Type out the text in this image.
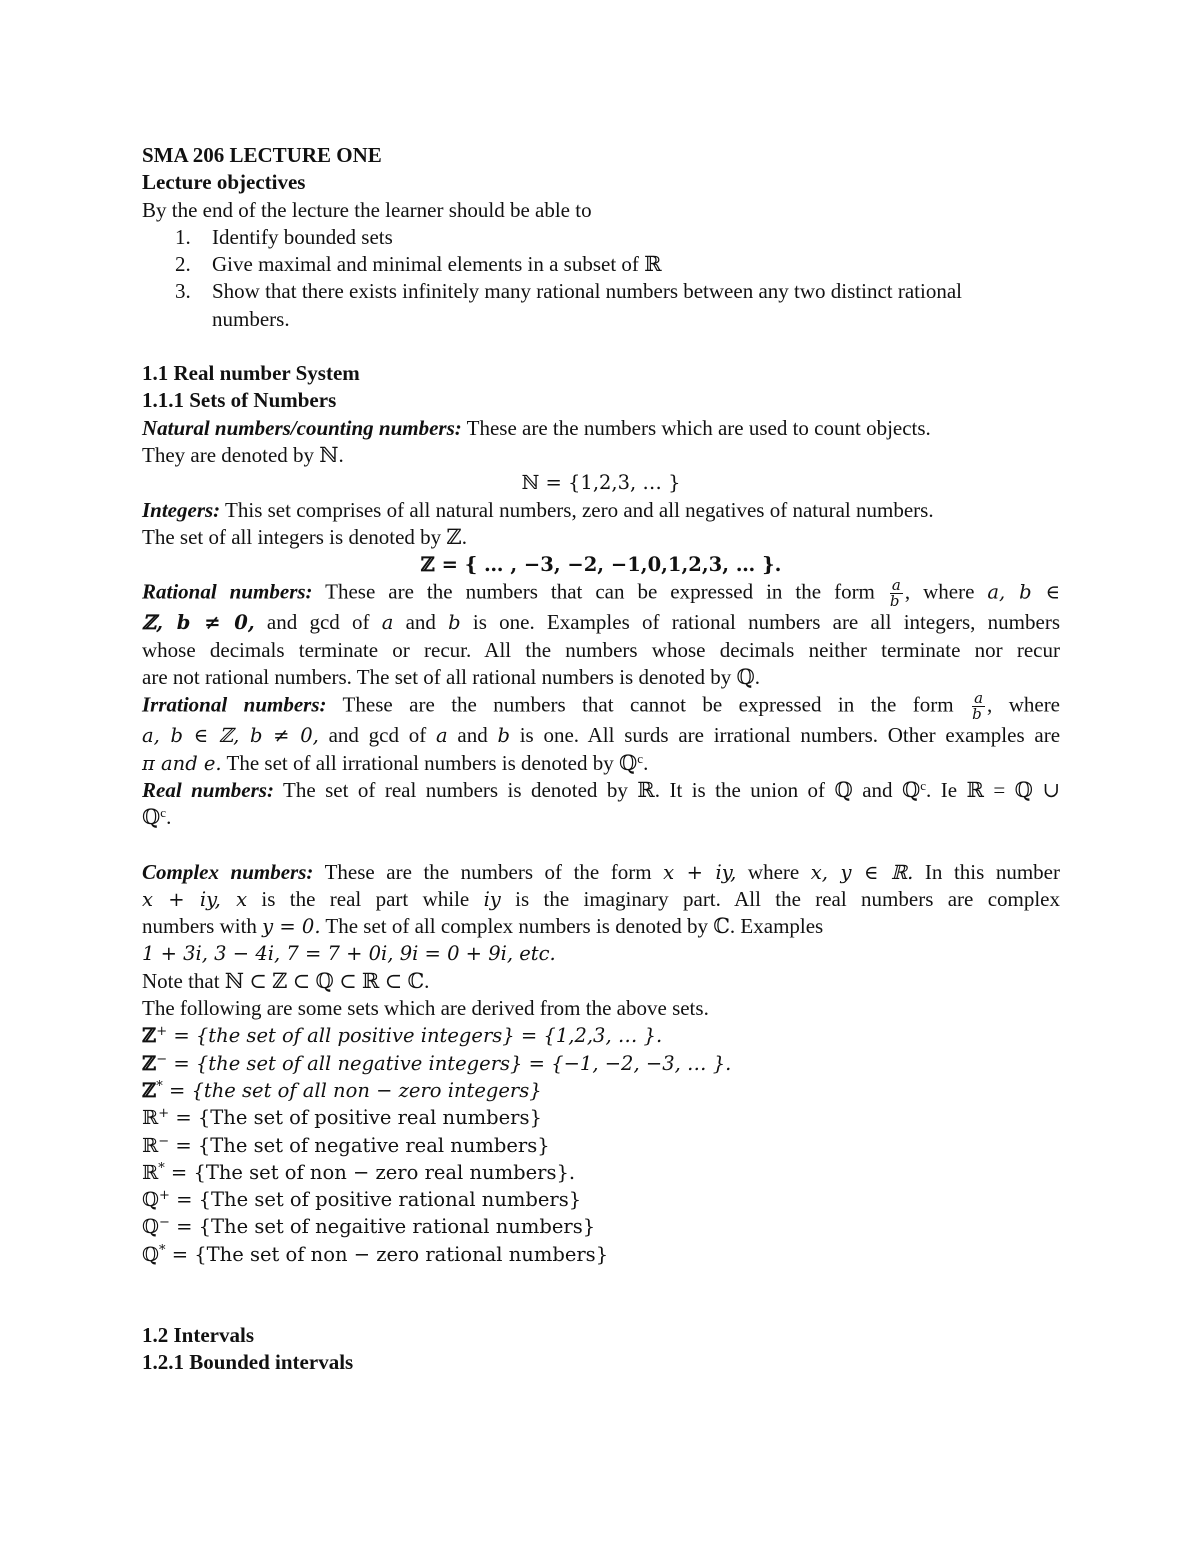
SMA 206 LECTURE ONE

Lecture objectives

By the end of the lecture the learner should be able to

1. Identify bounded sets
2. Give maximal and minimal elements in a subset of ℝ
3. Show that there exists infinitely many rational numbers between any two distinct rational
numbers.

1.1 Real number System

1.1.1 Sets of Numbers

Natural numbers/counting numbers: These are the numbers which are used to count objects.

They are denoted by ℕ.

ℕ = {1,2,3, … }

Integers: This set comprises of all natural numbers, zero and all negatives of natural numbers.

The set of all integers is denoted by ℤ.

ℤ = { … , −3, −2, −1,0,1,2,3, … }.

Rational numbers: These are the numbers that can be expressed in the form $\frac{a}{b}$ , where a, b ∈

ℤ, b ≠ 0, and gcd of a and b is one. Examples of rational numbers are all integers, numbers

whose decimals terminate or recur. All the numbers whose decimals neither terminate nor recur

are not rational numbers. The set of all rational numbers is denoted by ℚ.

Irrational numbers: These are the numbers that cannot be expressed in the form $\frac{a}{b}$ , where

a, b ∈ ℤ, b ≠ 0, and gcd of a and b is one. All surds are irrational numbers. Other examples are

π and e. The set of all irrational numbers is denoted by ℚ$^c$.

Real numbers: The set of real numbers is denoted by ℝ. It is the union of ℚ and ℚ$^c$. Ie ℝ = ℚ ∪

ℚ$^c$.

Complex numbers: These are the numbers of the form x + iy, where x, y ∈ ℝ. In this number

x + iy, x is the real part while iy is the imaginary part. All the real numbers are complex

numbers with y = 0. The set of all complex numbers is denoted by ℂ. Examples

1 + 3i, 3 − 4i, 7 = 7 + 0i, 9i = 0 + 9i, etc.

Note that ℕ ⊂ ℤ ⊂ ℚ ⊂ ℝ ⊂ ℂ.

The following are some sets which are derived from the above sets.

ℤ+ = {the set of all positive integers} = {1,2,3, … }.

ℤ− = {the set of all negative integers} = {−1, −2, −3, … }.

ℤ* = {the set of all non − zero integers}

ℝ+ = {The set of positive real numbers}

ℝ− = {The set of negative real numbers}

ℝ* = {The set of non − zero real numbers}.

ℚ+ = {The set of positive rational numbers}

ℚ− = {The set of negaitive rational numbers}

ℚ* = {The set of non − zero rational numbers}

1.2 Intervals

1.2.1 Bounded intervals
